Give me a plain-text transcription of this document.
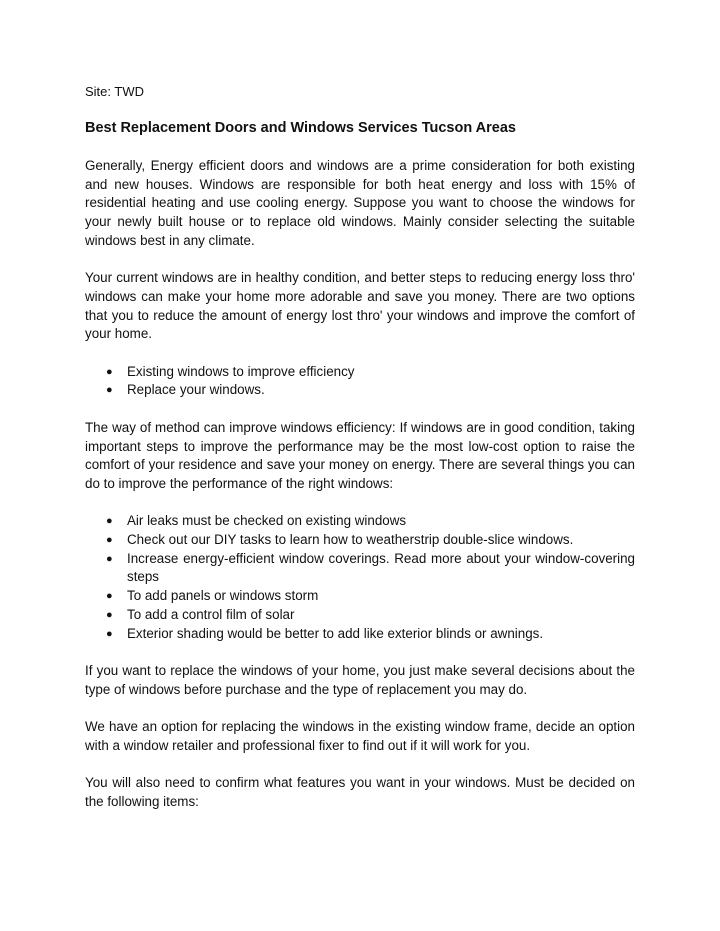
Site: TWD
Best Replacement Doors and Windows Services Tucson Areas

Generally, Energy efficient doors and windows are a prime consideration for both existing and new houses. Windows are responsible for both heat energy and loss with 15% of residential heating and use cooling energy. Suppose you want to choose the windows for your newly built house or to replace old windows. Mainly consider selecting the suitable windows best in any climate.

Your current windows are in healthy condition, and better steps to reducing energy loss thro' windows can make your home more adorable and save you money. There are two options that you to reduce the amount of energy lost thro' your windows and improve the comfort of your home.

● Existing windows to improve efficiency
● Replace your windows.

The way of method can improve windows efficiency: If windows are in good condition, taking important steps to improve the performance may be the most low-cost option to raise the comfort of your residence and save your money on energy. There are several things you can do to improve the performance of the right windows:

● Air leaks must be checked on existing windows
● Check out our DIY tasks to learn how to weatherstrip double-slice windows.
● Increase energy-efficient window coverings. Read more about your window-covering steps
● To add panels or windows storm
● To add a control film of solar
● Exterior shading would be better to add like exterior blinds or awnings.

If you want to replace the windows of your home, you just make several decisions about the type of windows before purchase and the type of replacement you may do.

We have an option for replacing the windows in the existing window frame, decide an option with a window retailer and professional fixer to find out if it will work for you.

You will also need to confirm what features you want in your windows. Must be decided on the following items:
